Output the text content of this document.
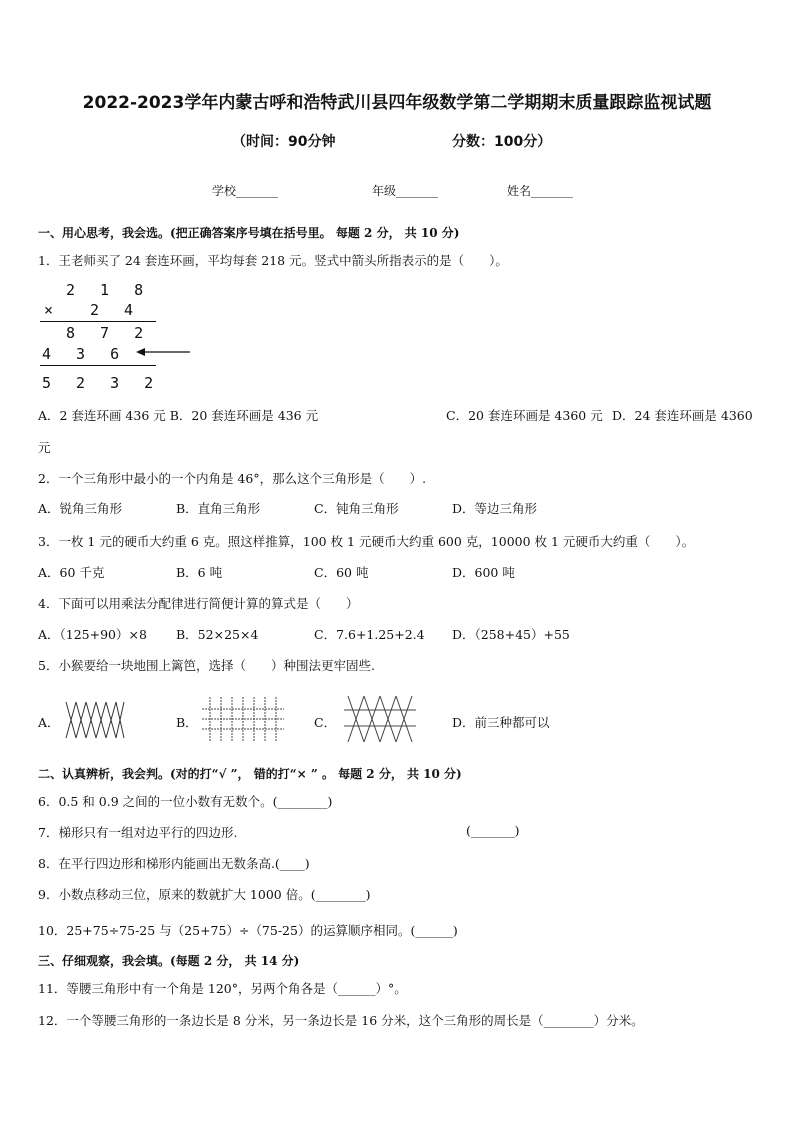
2022-2023学年内蒙古呼和浩特武川县四年级数学第二学期期末质量跟踪监视试题
（时间：90分钟	分数：100分）
学校_______	年级_______	姓名_______
一、用心思考，我会选。(把正确答案序号填在括号里。 每题 2 分， 共 10 分)
1．王老师买了 24 套连环画，平均每套 218 元。竖式中箭头所指表示的是（　　）。
2 1 8
× 2 4
8 7 2
4 3 6
5 2 3 2
A．2 套连环画 436 元 B．20 套连环画是 436 元	C．20 套连环画是 4360 元 D．24 套连环画是 4360
元
2．一个三角形中最小的一个内角是 46°，那么这个三角形是（　　）.
A．锐角三角形	B．直角三角形	C．钝角三角形	D．等边三角形
3．一枚 1 元的硬币大约重 6 克。照这样推算，100 枚 1 元硬币大约重 600 克，10000 枚 1 元硬币大约重（　　）。
A．60 千克	B．6 吨	C．60 吨	D．600 吨
4．下面可以用乘法分配律进行简便计算的算式是（　　）
A．（125+90）×8 B．52×25×4	C．7.6+1.25+2.4 D．（258+45）+55
5．小猴要给一块地围上篱笆，选择（　　）种围法更牢固些.
A．	B．	C．	D．前三种都可以
二、认真辨析，我会判。(对的打“√ ”， 错的打“× ” 。 每题 2 分， 共 10 分)
6．0.5 和 0.9 之间的一位小数有无数个。(________)
7．梯形只有一组对边平行的四边形.	(_______)
8．在平行四边形和梯形内能画出无数条高.(____)
9．小数点移动三位，原来的数就扩大 1000 倍。(________)
10．25+75÷75-25 与（25+75）÷（75-25）的运算顺序相同。(______)
三、仔细观察，我会填。(每题 2 分， 共 14 分)
11．等腰三角形中有一个角是 120°，另两个角各是（______）°。
12．一个等腰三角形的一条边长是 8 分米，另一条边长是 16 分米，这个三角形的周长是（________）分米。
